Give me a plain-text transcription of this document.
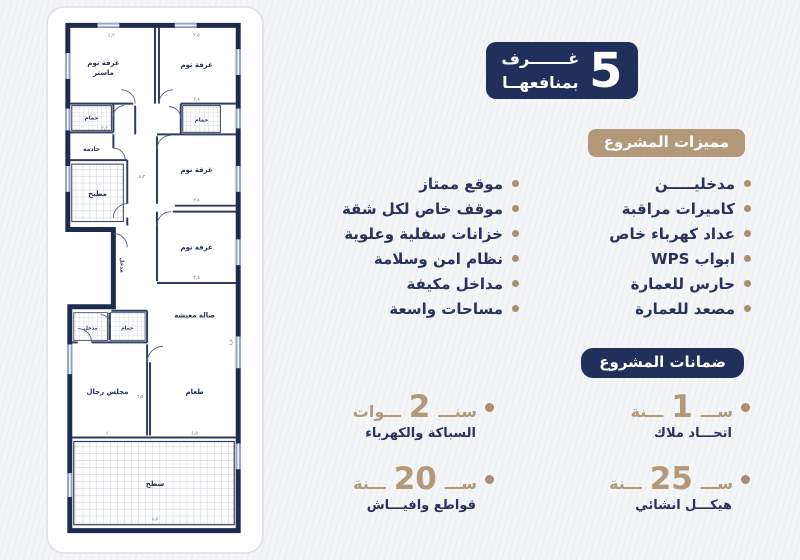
غرفة نوم
ماستر
غرفة نوم
حمام	حمام
خادمه
مطبخ
غرفة نوم
غرفة نوم
صالة معيشة
مدخل	حمام
مجلس رجال	طعام
سطح
مدخل
٤٫٣	٣٫٥
٣٫٨
٣٫٣
٨٫٢
٣٫٨
٣٫٨
٦٫٥
٤	٤٫٥
٨٫٧
٨٫٧
5
غـــــــرف
بمنافعهــا
مميزات المشروع
مدخليـــــن
كاميرات مراقبة
عداد كهرباء خاص
ابواب WPS
حارس للعمارة
مصعد للعمارة
موقع ممتاز
موقف خاص لكل شقة
خزانات سفلية وعلوية
نظام امن وسلامة
مداخل مكيفة
مساحات واسعة
ضمانات المشروع
ســـ
1
ـــنة
اتحـــاد ملاك
سنـــ
2
ـــوات
السباكة والكهرباء
ســـ
25
ـــنة
هيكـــل انشائي
ســـ
20
ـــنة
قواطع وافيـــاش
